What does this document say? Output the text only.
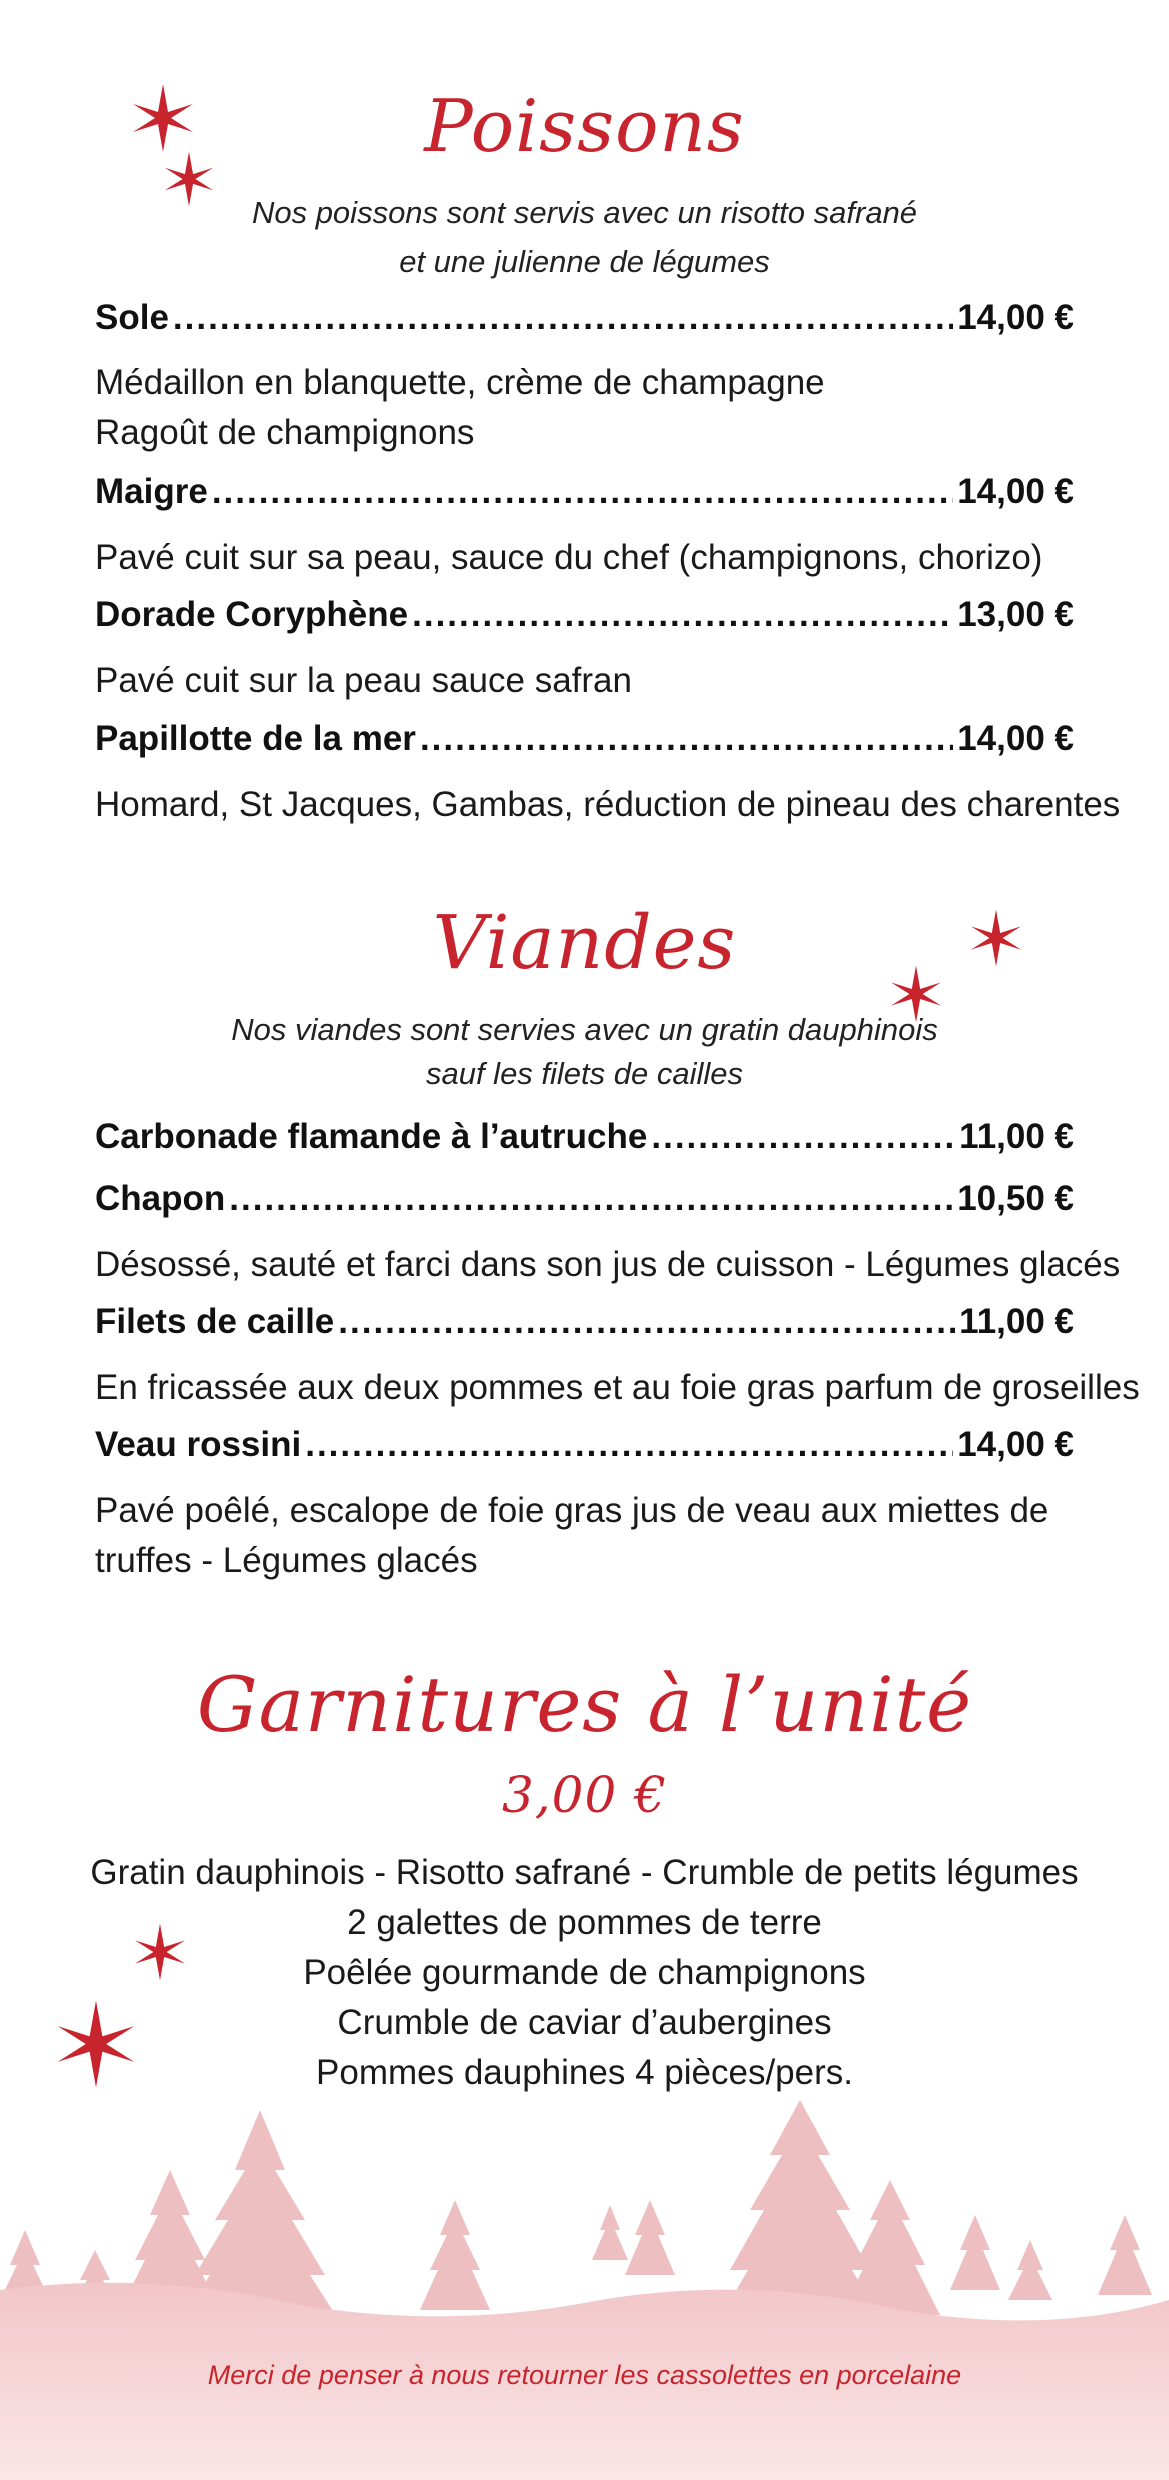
Poissons
Nos poissons sont servis avec un risotto safrané
et une julienne de légumes
Sole .....	14,00 €
Médaillon en blanquette, crème de champagne
Ragoût de champignons
Maigre .....	14,00 €
Pavé cuit sur sa peau, sauce du chef (champignons, chorizo)
Dorade Coryphène .....	13,00 €
Pavé cuit sur la peau sauce safran
Papillotte de la mer .....	14,00 €
Homard, St Jacques, Gambas, réduction de pineau des charentes
Viandes
Nos viandes sont servies avec un gratin dauphinois
sauf les filets de cailles
Carbonade flamande à l’autruche .....	11,00 €
Chapon .....	10,50 €
Désossé, sauté et farci dans son jus de cuisson - Légumes glacés
Filets de caille .....	11,00 €
En fricassée aux deux pommes et au foie gras parfum de groseilles
Veau rossini .....	14,00 €
Pavé poêlé, escalope de foie gras jus de veau aux miettes de
truffes - Légumes glacés
Garnitures à l’unité
3,00 €
Gratin dauphinois - Risotto safrané - Crumble de petits légumes
2 galettes de pommes de terre
Poêlée gourmande de champignons
Crumble de caviar d’aubergines
Pommes dauphines 4 pièces/pers.
Merci de penser à nous retourner les cassolettes en porcelaine
